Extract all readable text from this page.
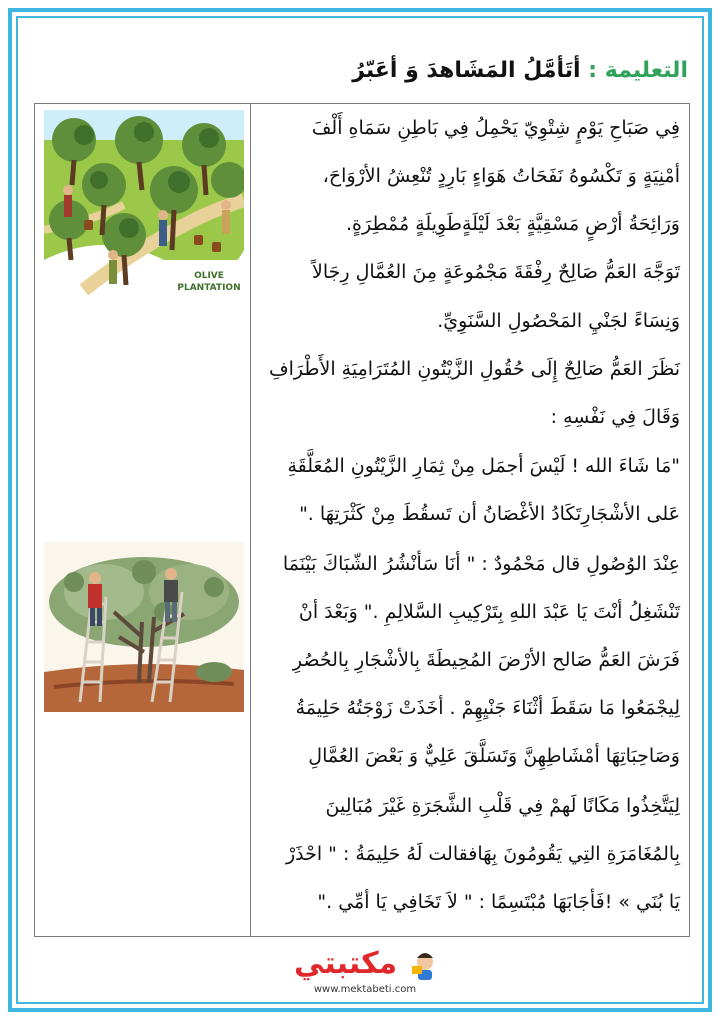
التعليمة : أتَأمَّلُ المَشَاهدَ وَ أعَبّرُ
OLIVE
PLANTATION
فِي صَبَاحِ يَوْمٍ شِتْوِيّ يَحْمِلُ فِي بَاطِنِ سَمَاهِ أَلْفَ
أمْنِيَةٍ وَ تَكْسُوهُ نَفَحَاتُ هَوَاءٍ بَارِدٍ تُنْعِشُ الأرْوَاحَ،
وَرَائِحَةُ أرْضٍ مَسْقِيَّةٍ بَعْدَ لَيْلَةٍطَوِيلَةٍ مُمْطِرَةٍ.
تَوَجَّهَ العَمُّ صَالِحٌ رِفْقَةَ مَجْمُوعَةٍ مِنَ العُمَّالِ رِجَالاً
وَنِسَاءً لجَنْيِ المَحْصُولِ السَّنَوِيِّ.
نَظَرَ العَمُّ صَالِحٌ إِلَى حُقُولِ الزَّيْتُونِ المُتَرَامِيَةِ الأَطْرَافِ
وَقَالَ فِي نَفْسِهِ :
"مَا شَاءَ الله ! لَيْسَ أجمَل مِنْ ثِمَارِ الزَّيْتُونِ المُعَلَّقَةِ
عَلى الأشْجَارِتَكَادُ الأغْصَانُ أن تَسقُطَ مِنْ كَثْرَتِهَا ."
عِنْدَ الوُصُولِ قال مَحْمُودٌ : " أنَا سَأنْشُرُ الشّبَاكَ بَيْنَمَا
تَنْشَغِلُ أنْتَ يَا عَبْدَ اللهِ بِتَرْكِيبِ السَّلالِمِ ." وَبَعْدَ أنْ
فَرَشَ العَمُّ صَالح الأرْضَ المُحِيطَةَ بِالأشْجَارِ بِالحُصُرِ
لِيجْمَعُوا مَا سَقَطَ أثْنَاءَ جَنْيِهِمْ . أخَذَتْ زَوْجَتُهُ حَلِيمَةُ
وَصَاحِبَاتِهَا أمْشَاطِهِنَّ وَتَسَلَّقَ عَلِيٌّ وَ بَعْضَ العُمَّالِ
لِيَتَّخِذُوا مَكَانًا لَهمْ فِي قَلْبِ الشَّجَرَةِ غَيْرَ مُبَالِينَ
بِالمُغَامَرَةِ التِي يَقُومُونَ بِهَافقالت لَهُ حَلِيمَةُ : " احْذَرْ
يَا بُنَي » !فَأجَابَهَا مُبْتَسِمًا : " لاَ تَخَافِي يَا أمِّي ."
مكتبتي
www.mektabeti.com
